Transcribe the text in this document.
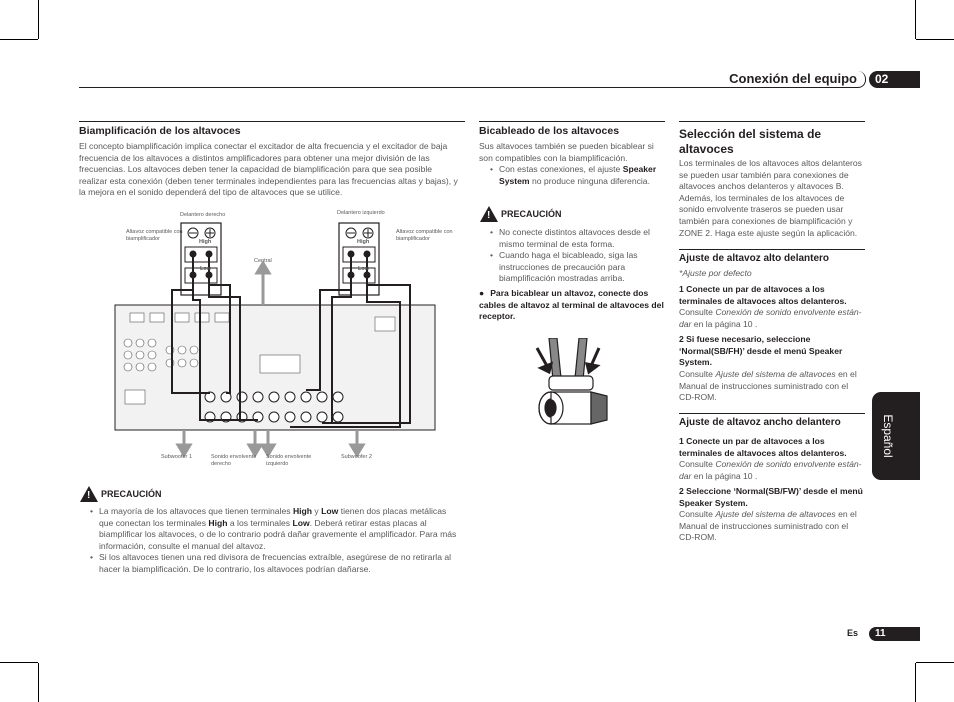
Conexión del equipo	02
Biamplificación de los altavoces
El concepto biamplificación implica conectar el excitador de alta frecuencia y el excitador de baja frecuencia de los altavoces a distintos amplificadores para obtener una mejor división de las frecuencias. Los altavoces deben tener la capacidad de biamplificación para que sea posible realizar esta conexión (deben tener terminales independientes para las frecuencias altas y bajas), y la mejora en el sonido dependerá del tipo de altavoces que se utilice.
Delantero derecho	Delantero izquierdo
Altavoz compatible con biamplificador
Altavoz compatible con biamplificador
High	High
Low	Low
Central
Subwoofer 1	Sonido envolvente derecho
Sonido envolvente izquierdo
Subwoofer 2
! PRECAUCIÓN
• La mayoría de los altavoces que tienen terminales High y Low tienen dos placas metálicas que conectan los terminales High a los terminales Low. Deberá retirar estas placas al biamplificar los altavoces, o de lo contrario podrá dañar gravemente el amplificador. Para más información, consulte el manual del altavoz.
• Si los altavoces tienen una red divisora de frecuencias extraíble, asegúrese de no retirarla al hacer la biamplificación. De lo contrario, los altavoces podrían dañarse.
Bicableado de los altavoces
Sus altavoces también se pueden bicablear si son compatibles con la biamplificación.
• Con estas conexiones, el ajuste Speaker System no produce ninguna diferencia.
! PRECAUCIÓN
• No conecte distintos altavoces desde el mismo terminal de esta forma.
• Cuando haga el bicableado, siga las instrucciones de precaución para biamplificación mostradas arriba.
● Para bicablear un altavoz, conecte dos cables de altavoz al terminal de altavoces del receptor.
Selección del sistema de altavoces
Los terminales de los altavoces altos delanteros se pueden usar también para conexiones de altavoces anchos delanteros y altavoces B. Además, los terminales de los altavoces de sonido envolvente traseros se pueden usar también para conexiones de biamplificación y ZONE 2. Haga este ajuste según la aplicación.
Ajuste de altavoz alto delantero
*Ajuste por defecto
1 Conecte un par de altavoces a los terminales de altavoces altos delanteros.
Consulte Conexión de sonido envolvente estándar en la página 10 .
2 Si fuese necesario, seleccione ‘Normal(SB/FH)’ desde el menú Speaker System.
Consulte Ajuste del sistema de altavoces en el Manual de instrucciones suministrado con el CD-ROM.
Ajuste de altavoz ancho delantero
1 Conecte un par de altavoces a los terminales de altavoces altos delanteros.
Consulte Conexión de sonido envolvente estándar en la página 10 .
2 Seleccione ‘Normal(SB/FW)’ desde el menú Speaker System.
Consulte Ajuste del sistema de altavoces en el Manual de instrucciones suministrado con el CD-ROM.
Español
Es	11
